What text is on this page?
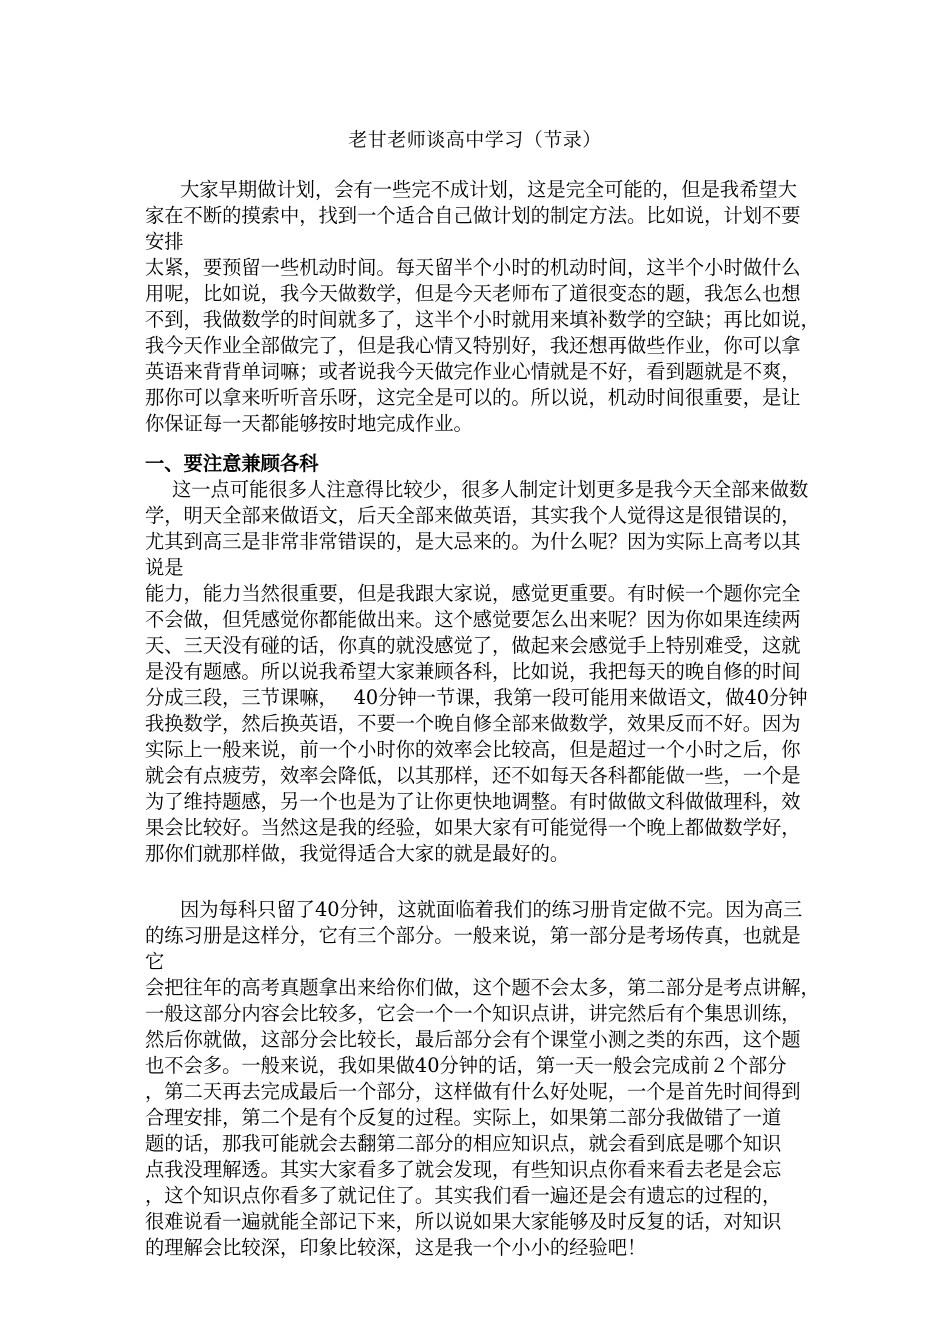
老甘老师谈高中学习（节录）
大家早期做计划，会有一些完不成计划，这是完全可能的，但是我希望大
家在不断的摸索中，找到一个适合自己做计划的制定方法。比如说，计划不要
安排
太紧，要预留一些机动时间。每天留半个小时的机动时间，这半个小时做什么
用呢，比如说，我今天做数学，但是今天老师布了道很变态的题，我怎么也想
不到，我做数学的时间就多了，这半个小时就用来填补数学的空缺；再比如说，
我今天作业全部做完了，但是我心情又特别好，我还想再做些作业，你可以拿
英语来背背单词嘛；或者说我今天做完作业心情就是不好，看到题就是不爽，
那你可以拿来听听音乐呀，这完全是可以的。所以说，机动时间很重要，是让
你保证每一天都能够按时地完成作业。
一、要注意兼顾各科
这一点可能很多人注意得比较少，很多人制定计划更多是我今天全部来做数
学，明天全部来做语文，后天全部来做英语，其实我个人觉得这是很错误的，
尤其到高三是非常非常错误的，是大忌来的。为什么呢？因为实际上高考以其
说是
能力，能力当然很重要，但是我跟大家说，感觉更重要。有时候一个题你完全
不会做，但凭感觉你都能做出来。这个感觉要怎么出来呢？因为你如果连续两
天、三天没有碰的话，你真的就没感觉了，做起来会感觉手上特别难受，这就
是没有题感。所以说我希望大家兼顾各科，比如说，我把每天的晚自修的时间
分成三段，三节课嘛，　 40分钟一节课，我第一段可能用来做语文，做40分钟
我换数学，然后换英语，不要一个晚自修全部来做数学，效果反而不好。因为
实际上一般来说，前一个小时你的效率会比较高，但是超过一个小时之后，你
就会有点疲劳，效率会降低，以其那样，还不如每天各科都能做一些，一个是
为了维持题感，另一个也是为了让你更快地调整。有时做做文科做做理科，效
果会比较好。当然这是我的经验，如果大家有可能觉得一个晚上都做数学好，
那你们就那样做，我觉得适合大家的就是最好的。
因为每科只留了40分钟，这就面临着我们的练习册肯定做不完。因为高三
的练习册是这样分，它有三个部分。一般来说，第一部分是考场传真，也就是
它
会把往年的高考真题拿出来给你们做，这个题不会太多，第二部分是考点讲解，
一般这部分内容会比较多，它会一个一个知识点讲，讲完然后有个集思训练，
然后你就做，这部分会比较长，最后部分会有个课堂小测之类的东西，这个题
也不会多。一般来说，我如果做40分钟的话，第一天一般会完成前２个部分
，第二天再去完成最后一个部分，这样做有什么好处呢，一个是首先时间得到
合理安排，第二个是有个反复的过程。实际上，如果第二部分我做错了一道
题的话，那我可能就会去翻第二部分的相应知识点，就会看到底是哪个知识
点我没理解透。其实大家看多了就会发现，有些知识点你看来看去老是会忘
，这个知识点你看多了就记住了。其实我们看一遍还是会有遗忘的过程的，
很难说看一遍就能全部记下来，所以说如果大家能够及时反复的话，对知识
的理解会比较深，印象比较深，这是我一个小小的经验吧！
